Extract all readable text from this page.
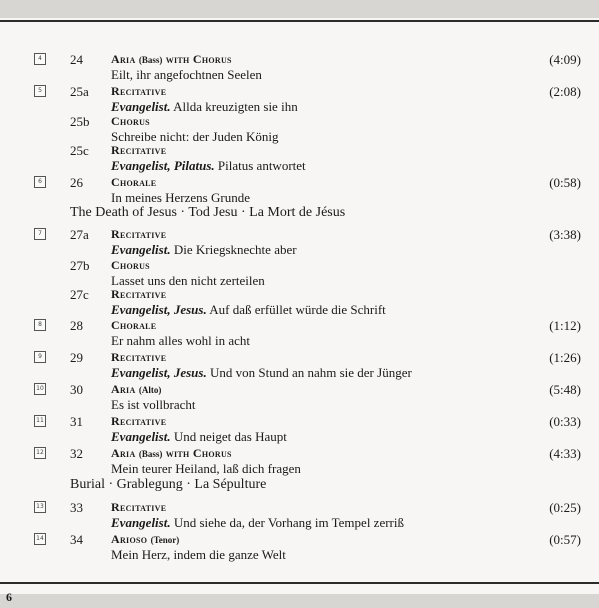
4	24 Aria (Bass) with Chorus
Eilt, ihr angefochtnen Seelen
(4:09)
5	25a Recitative
Evangelist. Allda kreuzigten sie ihn
(2:08)
25b Chorus
Schreibe nicht: der Juden König
25c Recitative
Evangelist, Pilatus. Pilatus antwortet
6	26 Chorale
In meines Herzens Grunde
(0:58)
The Death of Jesus · Tod Jesu · La Mort de Jésus
7	27a Recitative
Evangelist. Die Kriegsknechte aber
(3:38)
27b Chorus
Lasset uns den nicht zerteilen
27c Recitative
Evangelist, Jesus. Auf daß erfüllet würde die Schrift
8	28 Chorale
Er nahm alles wohl in acht
(1:12)
9	29 Recitative
Evangelist, Jesus. Und von Stund an nahm sie der Jünger
(1:26)
10 30 Aria (Alto)
Es ist vollbracht
(5:48)
11 31 Recitative
Evangelist. Und neiget das Haupt
(0:33)
12 32 Aria (Bass) with Chorus
Mein teurer Heiland, laß dich fragen
(4:33)
Burial · Grablegung · La Sépulture
13 33 Recitative
Evangelist. Und siehe da, der Vorhang im Tempel zerriß
(0:25)
14 34 Arioso (Tenor)
Mein Herz, indem die ganze Welt
(0:57)
6
